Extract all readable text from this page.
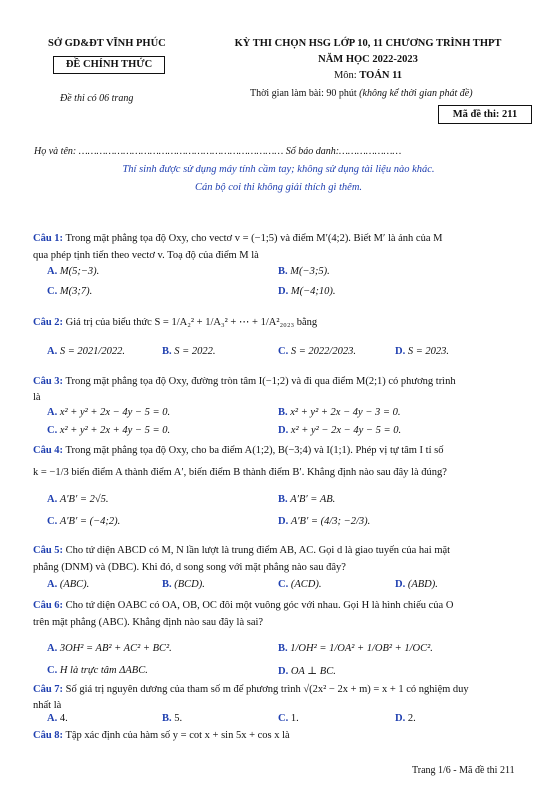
SỞ GD&ĐT VĨNH PHÚC
ĐỀ CHÍNH THỨC
Đề thi có 06 trang
KỲ THI CHỌN HSG LỚP 10, 11 CHƯƠNG TRÌNH THPT
NĂM HỌC 2022-2023
Môn: TOÁN 11
Thời gian làm bài: 90 phút (không kể thời gian phát đề)
Mã đề thi: 211
Họ và tên: …………………………………………………………… Số báo danh:…………………
Thí sinh được sử dụng máy tính cầm tay; không sử dụng tài liệu nào khác.
Cán bộ coi thi không giải thích gì thêm.
Câu 1: Trong mặt phẳng tọa độ Oxy, cho vectơ v = (−1;5) và điểm M′(4;2). Biết M′ là ảnh của M
qua phép tịnh tiến theo vectơ v. Toạ độ của điểm M là
A. M(5;−3).	B. M(−3;5).
C. M(3;7).	D. M(−4;10).
Câu 2: Giá trị của biểu thức S = 1/A₂² + 1/A₃² + ⋯ + 1/A²₂₀₂₃ bằng
A. S = 2021/2022.	B. S = 2022.	C. S = 2022/2023.	D. S = 2023.
Câu 3: Trong mặt phẳng tọa độ Oxy, đường tròn tâm I(−1;2) và đi qua điểm M(2;1) có phương trình
là
A. x² + y² + 2x − 4y − 5 = 0.	B. x² + y² + 2x − 4y − 3 = 0.
C. x² + y² + 2x + 4y − 5 = 0.	D. x² + y² − 2x − 4y − 5 = 0.
Câu 4: Trong mặt phẳng tọa độ Oxy, cho ba điểm A(1;2), B(−3;4) và I(1;1). Phép vị tự tâm I tỉ số
k = −1/3 biến điểm A thành điểm A′, biến điểm B thành điểm B′. Khẳng định nào sau đây là đúng?
A. A′B′ = 2√5.	B. A′B′ = AB.
C. A′B′ = (−4;2).	D. A′B′ = (4/3; −2/3).
Câu 5: Cho tứ diện ABCD có M, N lần lượt là trung điểm AB, AC. Gọi d là giao tuyến của hai mặt
phẳng (DNM) và (DBC). Khi đó, d song song với mặt phẳng nào sau đây?
A. (ABC).	B. (BCD).	C. (ACD).	D. (ABD).
Câu 6: Cho tứ diện OABC có OA, OB, OC đôi một vuông góc với nhau. Gọi H là hình chiếu của O
trên mặt phẳng (ABC). Khẳng định nào sau đây là sai?
A. 3OH² = AB² + AC² + BC².	B. 1/OH² = 1/OA² + 1/OB² + 1/OC².
C. H là trực tâm ΔABC.	D. OA ⊥ BC.
Câu 7: Số giá trị nguyên dương của tham số m để phương trình √(2x² − 2x + m) = x + 1 có nghiệm duy
nhất là
A. 4.	B. 5.	C. 1.	D. 2.
Câu 8: Tập xác định của hàm số y = cot x + sin 5x + cos x là
Trang 1/6 - Mã đề thi 211
